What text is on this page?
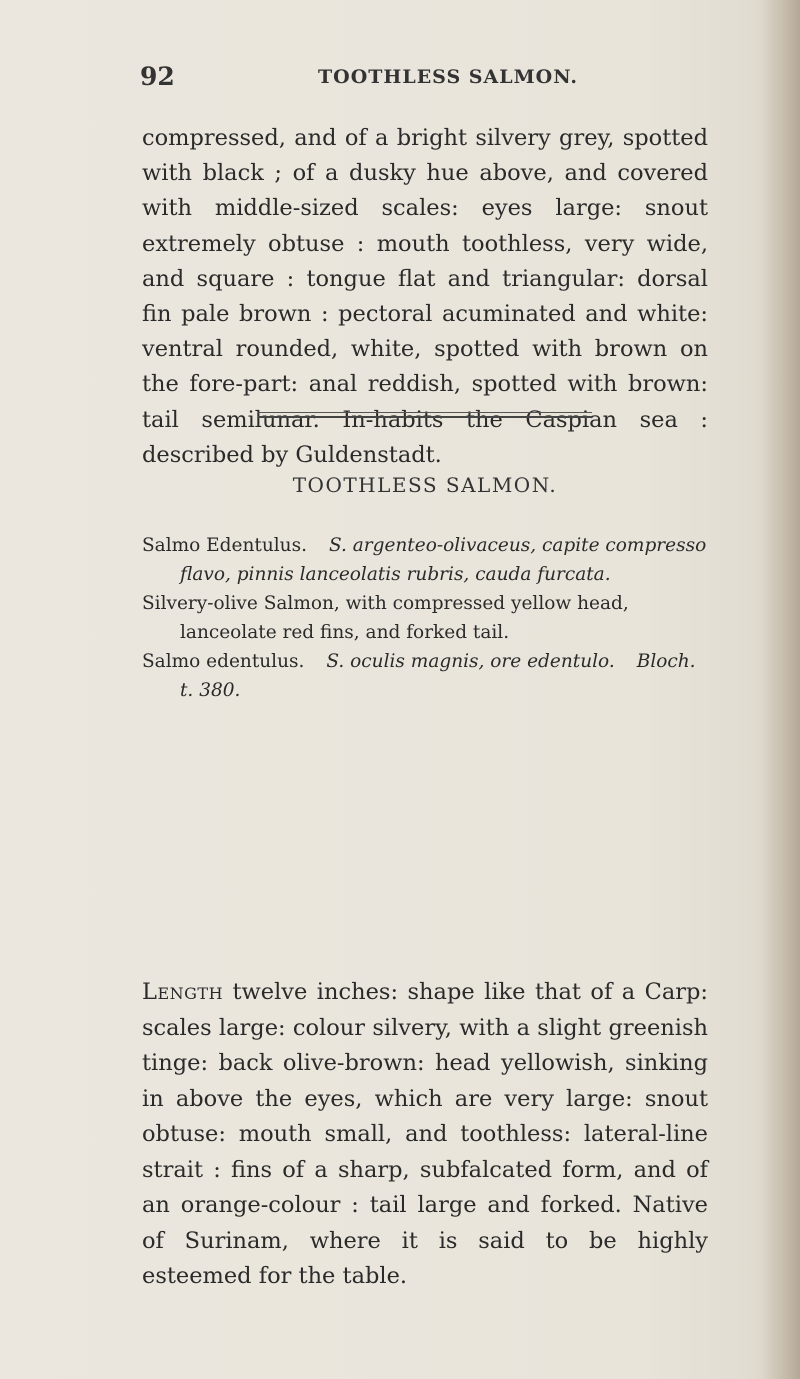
92	TOOTHLESS SALMON.
compressed, and of a bright silvery grey, spotted with black ; of a dusky hue above, and covered with middle-sized scales: eyes large: snout extremely obtuse : mouth toothless, very wide, and square : tongue flat and triangular: dorsal fin pale brown : pectoral acuminated and white: ventral rounded, white, spotted with brown on the fore-part: anal reddish, spotted with brown: tail semilunar. In-habits the Caspian sea : described by Guldenstadt.
TOOTHLESS SALMON.

Salmo Edentulus. S. argenteo-olivaceus, capite compresso flavo, pinnis lanceolatis rubris, cauda furcata.

Silvery-olive Salmon, with compressed yellow head, lanceolate red fins, and forked tail.

Salmo edentulus. S. oculis magnis, ore edentulo. Bloch. t. 380.

Length twelve inches: shape like that of a Carp: scales large: colour silvery, with a slight greenish tinge: back olive-brown: head yellowish, sinking in above the eyes, which are very large: snout obtuse: mouth small, and toothless: lateral-line strait : fins of a sharp, subfalcated form, and of an orange-colour : tail large and forked. Native of Surinam, where it is said to be highly esteemed for the table.
